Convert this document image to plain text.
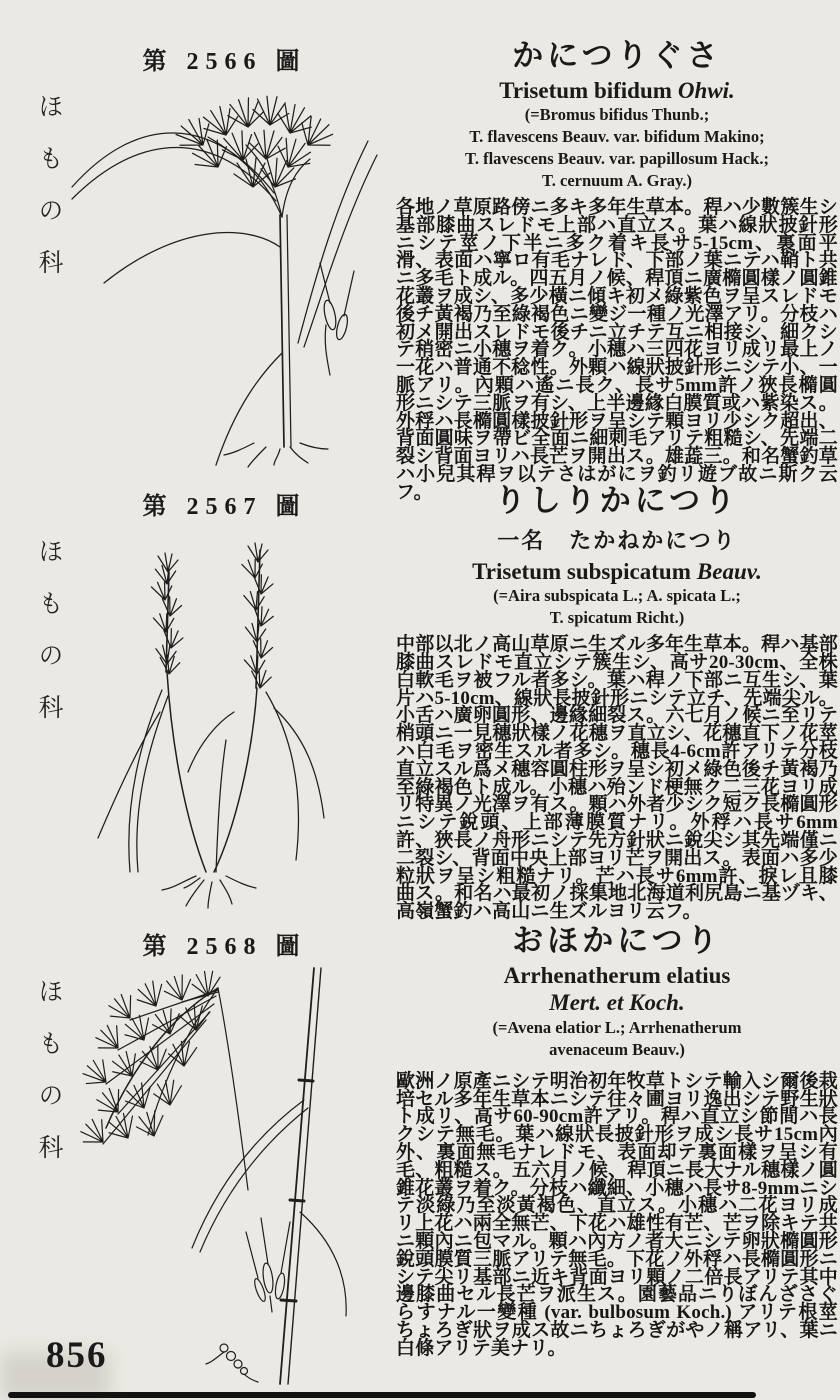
ほもの科
第 2566 圖	かにつりぐさ
Trisetum bifidum Ohwi.
(=Bromus bifidus Thunb.;
T. flavescens Beauv. var. bifidum Makino;
T. flavescens Beauv. var. papillosum Hack.;
T. cernuum A. Gray.)

各地ノ草原路傍ニ多キ多年生草本。稈ハ少數簇生シ基部膝曲スレドモ上部ハ直立ス。葉ハ線狀披針形ニシテ莖ノ下半ニ多ク着キ長サ5-15cm、裏面平滑、表面ハ寧ロ有毛ナレド、下部ノ葉ニテハ鞘ト共ニ多毛ト成ル。四五月ノ候、稈頂ニ廣橢圓樣ノ圓錐花叢ヲ成シ、多少橫ニ傾キ初メ綠紫色ヲ呈スレドモ後チ黃褐乃至綠褐色ニ變ジ一種ノ光澤アリ。分枝ハ初メ開出スレドモ後チニ立チテ互ニ相接シ、細クシテ稍密ニ小穗ヲ着ク。小穗ハ三四花ヨリ成リ最上ノ一花ハ普通不稔性。外顆ハ線狀披針形ニシテ小、一脈アリ。內顆ハ遙ニ長ク、長サ5mm許ノ狹長橢圓形ニシテ三脈ヲ有シ、上半邊緣白膜質或ハ紫染ス。外稃ハ長橢圓樣披針形ヲ呈シテ顆ヨリ少シク超出、背面圓味ヲ帶ビ全面ニ細刺毛アリテ粗糙シ、先端二裂シ背面ヨリハ長芒ヲ開出ス。雄蕋三。和名蟹釣草ハ小兒其稈ヲ以テさはがにヲ釣リ遊ブ故ニ斯ク云フ。

ほもの科
第 2567 圖	りしりかにつり
一名　たかねかにつり
Trisetum subspicatum Beauv.
(=Aira subspicata L.; A. spicata L.;
T. spicatum Richt.)

中部以北ノ高山草原ニ生ズル多年生草本。稈ハ基部膝曲スレドモ直立シテ簇生シ、高サ20-30cm、全株白軟毛ヲ被フル者多シ。葉ハ稈ノ下部ニ互生シ、葉片ハ5-10cm、線狀長披針形ニシテ立チ、先端尖ル。小舌ハ廣卵圓形、邊緣細裂ス。六七月ノ候ニ至リテ梢頭ニ一見穗狀樣ノ花穗ヲ直立シ、花穗直下ノ花莖ハ白毛ヲ密生スル者多シ。穗長4-6cm許アリテ分枝直立スル爲メ穗容圓柱形ヲ呈シ初メ綠色後チ黃褐乃至綠褐色ト成ル。小穗ハ殆ンド梗無ク二三花ヨリ成リ特異ノ光澤ヲ有ス。顆ハ外者少シク短ク長橢圓形ニシテ銳頭、上部薄膜質ナリ。外稃ハ長サ6mm許、狹長ノ舟形ニシテ先方針狀ニ銳尖シ其先端僅ニ二裂シ、背面中央上部ヨリ芒ヲ開出ス。表面ハ多少粒狀ヲ呈シ粗糙ナリ。芒ハ長サ6mm許、捩レ且膝曲ス。和名ハ最初ノ採集地北海道利尻島ニ基ヅキ、高嶺蟹釣ハ高山ニ生ズルヨリ云フ。

ほもの科
第 2568 圖	おほかにつり
Arrhenatherum elatius
Mert. et Koch.
(=Avena elatior L.; Arrhenatherum
avenaceum Beauv.)

歐洲ノ原產ニシテ明治初年牧草トシテ輸入シ爾後栽培セル多年生草本ニシテ往々圃ヨリ逸出シテ野生狀ト成リ、高サ60-90cm許アリ。稈ハ直立シ節間ハ長クシテ無毛。葉ハ線狀長披針形ヲ成シ長サ15cm內外、裏面無毛ナレドモ、表面却テ裏面樣ヲ呈シ有毛、粗糙ス。五六月ノ候、稈頂ニ長大ナル穗樣ノ圓錐花叢ヲ着ク。分枝ハ纖細、小穗ハ長サ8-9mmニシテ淡綠乃至淡黃褐色、直立ス。小穗ハ二花ヨリ成リ上花ハ兩全無芒、下花ハ雄性有芒、芒ヲ除キテ共ニ顆內ニ包マル。顆ハ內方ノ者大ニシテ卵狀橢圓形銳頭膜質三脈アリテ無毛。下花ノ外稃ハ長橢圓形ニシテ尖リ基部ニ近キ背面ヨリ顆ノ二倍長アリテ其中邊膝曲セル長芒ヲ派生ス。園藝品ニりぼんざさぐらすナル一變種 (var. bulbosum Koch.) アリテ根莖ちょろぎ狀ヲ成ス故ニちょろぎがやノ稱アリ、葉ニ白條アリテ美ナリ。

856
